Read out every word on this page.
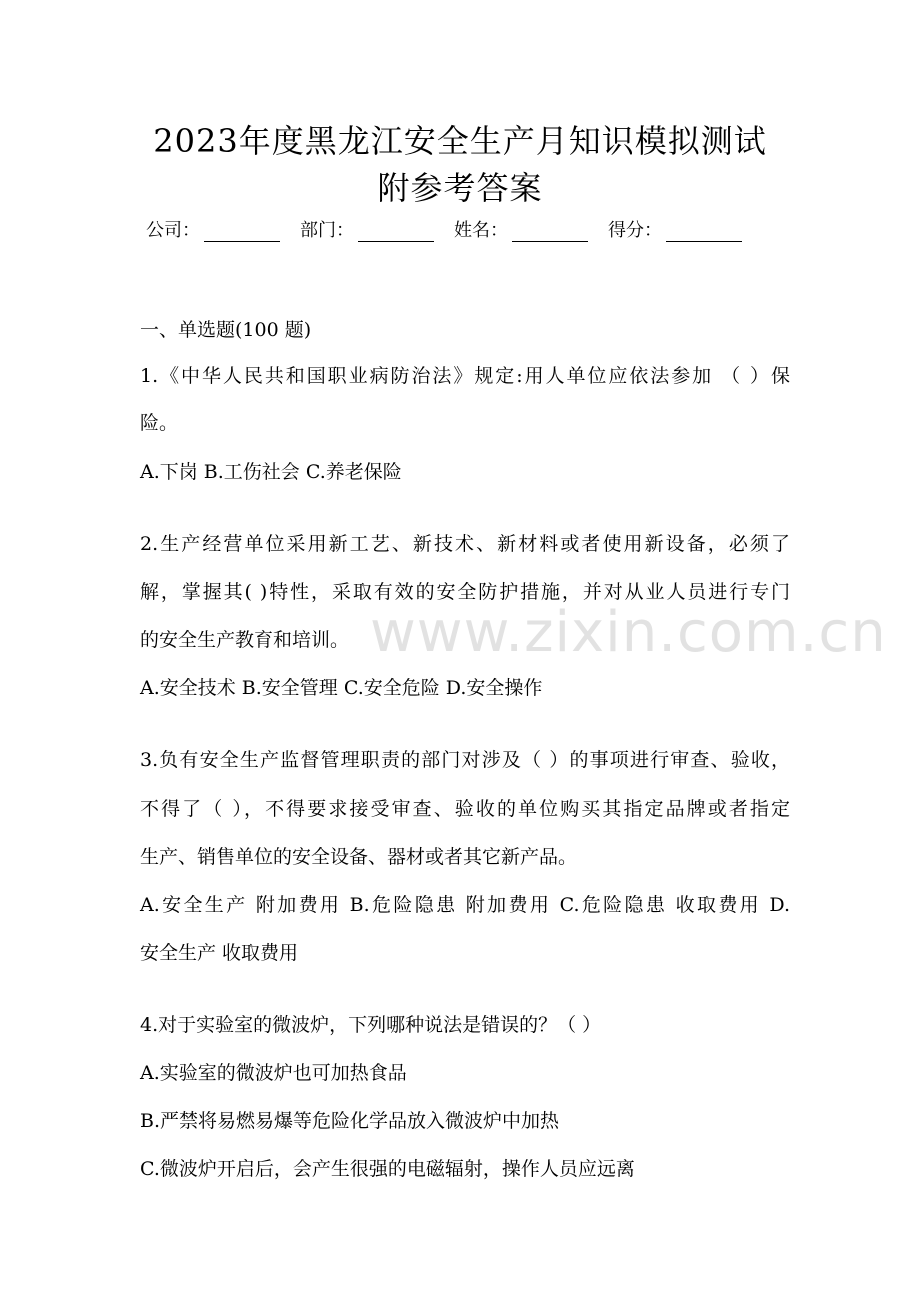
2023年度黑龙江安全生产月知识模拟测试
附参考答案
公司：	部门：	姓名：	得分：
一、单选题(100 题)
1.《中华人民共和国职业病防治法》规定:用人单位应依法参加 （ ）保
险。
A.下岗 B.工伤社会 C.养老保险
2.生产经营单位采用新工艺、新技术、新材料或者使用新设备，必须了
解，掌握其( )特性，采取有效的安全防护措施，并对从业人员进行专门
的安全生产教育和培训。
A.安全技术 B.安全管理 C.安全危险 D.安全操作
3.负有安全生产监督管理职责的部门对涉及（ ）的事项进行审查、验收，
不得了（ ），不得要求接受审查、验收的单位购买其指定品牌或者指定
生产、销售单位的安全设备、器材或者其它新产品。
A.安全生产 附加费用 B.危险隐患 附加费用 C.危险隐患 收取费用 D.
安全生产 收取费用
4.对于实验室的微波炉，下列哪种说法是错误的？（ ）
A.实验室的微波炉也可加热食品
B.严禁将易燃易爆等危险化学品放入微波炉中加热
C.微波炉开启后，会产生很强的电磁辐射，操作人员应远离
www.zixin.com.cn
